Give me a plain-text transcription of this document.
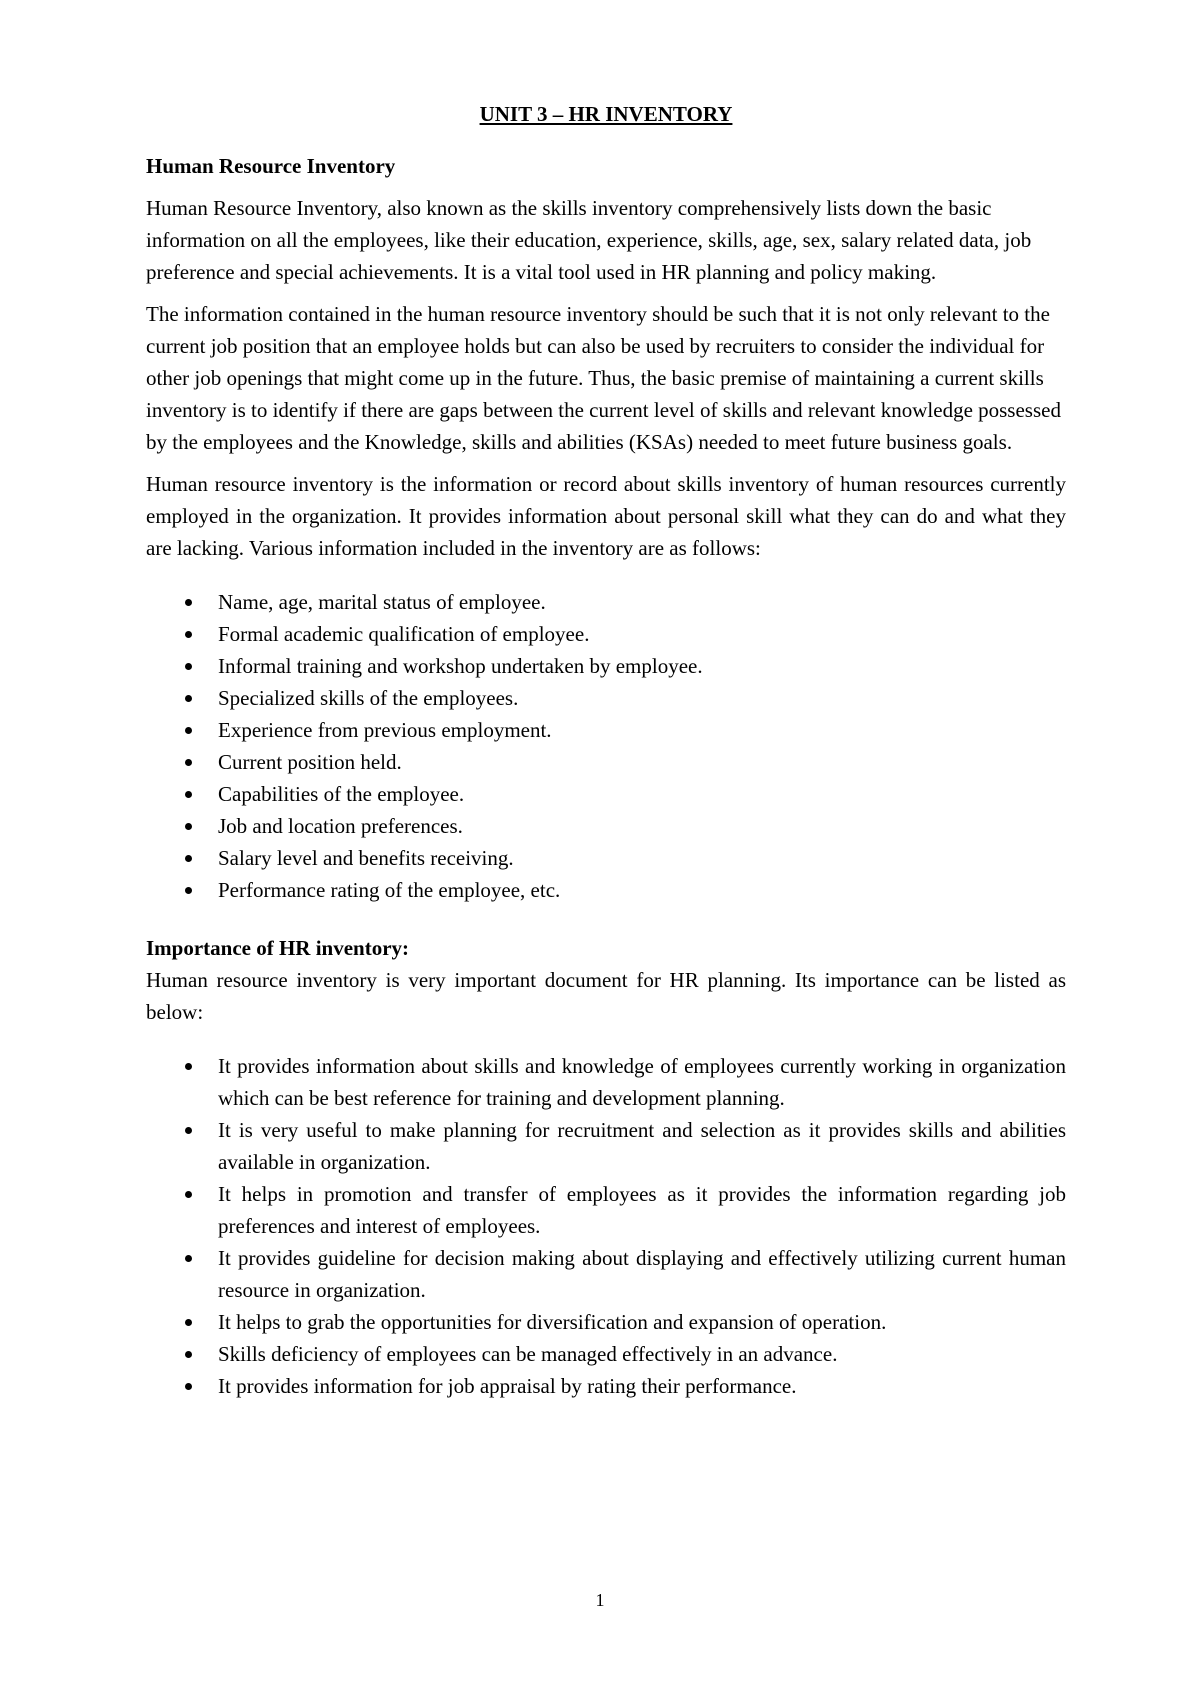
UNIT 3 – HR INVENTORY
Human Resource Inventory

Human Resource Inventory, also known as the skills inventory comprehensively lists down the basic information on all the employees, like their education, experience, skills, age, sex, salary related data, job preference and special achievements. It is a vital tool used in HR planning and policy making.

The information contained in the human resource inventory should be such that it is not only relevant to the current job position that an employee holds but can also be used by recruiters to consider the individual for other job openings that might come up in the future. Thus, the basic premise of maintaining a current skills inventory is to identify if there are gaps between the current level of skills and relevant knowledge possessed by the employees and the Knowledge, skills and abilities (KSAs) needed to meet future business goals.

Human resource inventory is the information or record about skills inventory of human resources currently employed in the organization. It provides information about personal skill what they can do and what they are lacking. Various information included in the inventory are as follows:

Name, age, marital status of employee.
Formal academic qualification of employee.
Informal training and workshop undertaken by employee.
Specialized skills of the employees.
Experience from previous employment.
Current position held.
Capabilities of the employee.
Job and location preferences.
Salary level and benefits receiving.
Performance rating of the employee, etc.
Importance of HR inventory:

Human resource inventory is very important document for HR planning. Its importance can be listed as below:

It provides information about skills and knowledge of employees currently working in organization which can be best reference for training and development planning.
It is very useful to make planning for recruitment and selection as it provides skills and abilities available in organization.
It helps in promotion and transfer of employees as it provides the information regarding job preferences and interest of employees.
It provides guideline for decision making about displaying and effectively utilizing current human resource in organization.
It helps to grab the opportunities for diversification and expansion of operation.
Skills deficiency of employees can be managed effectively in an advance.
It provides information for job appraisal by rating their performance.
1
